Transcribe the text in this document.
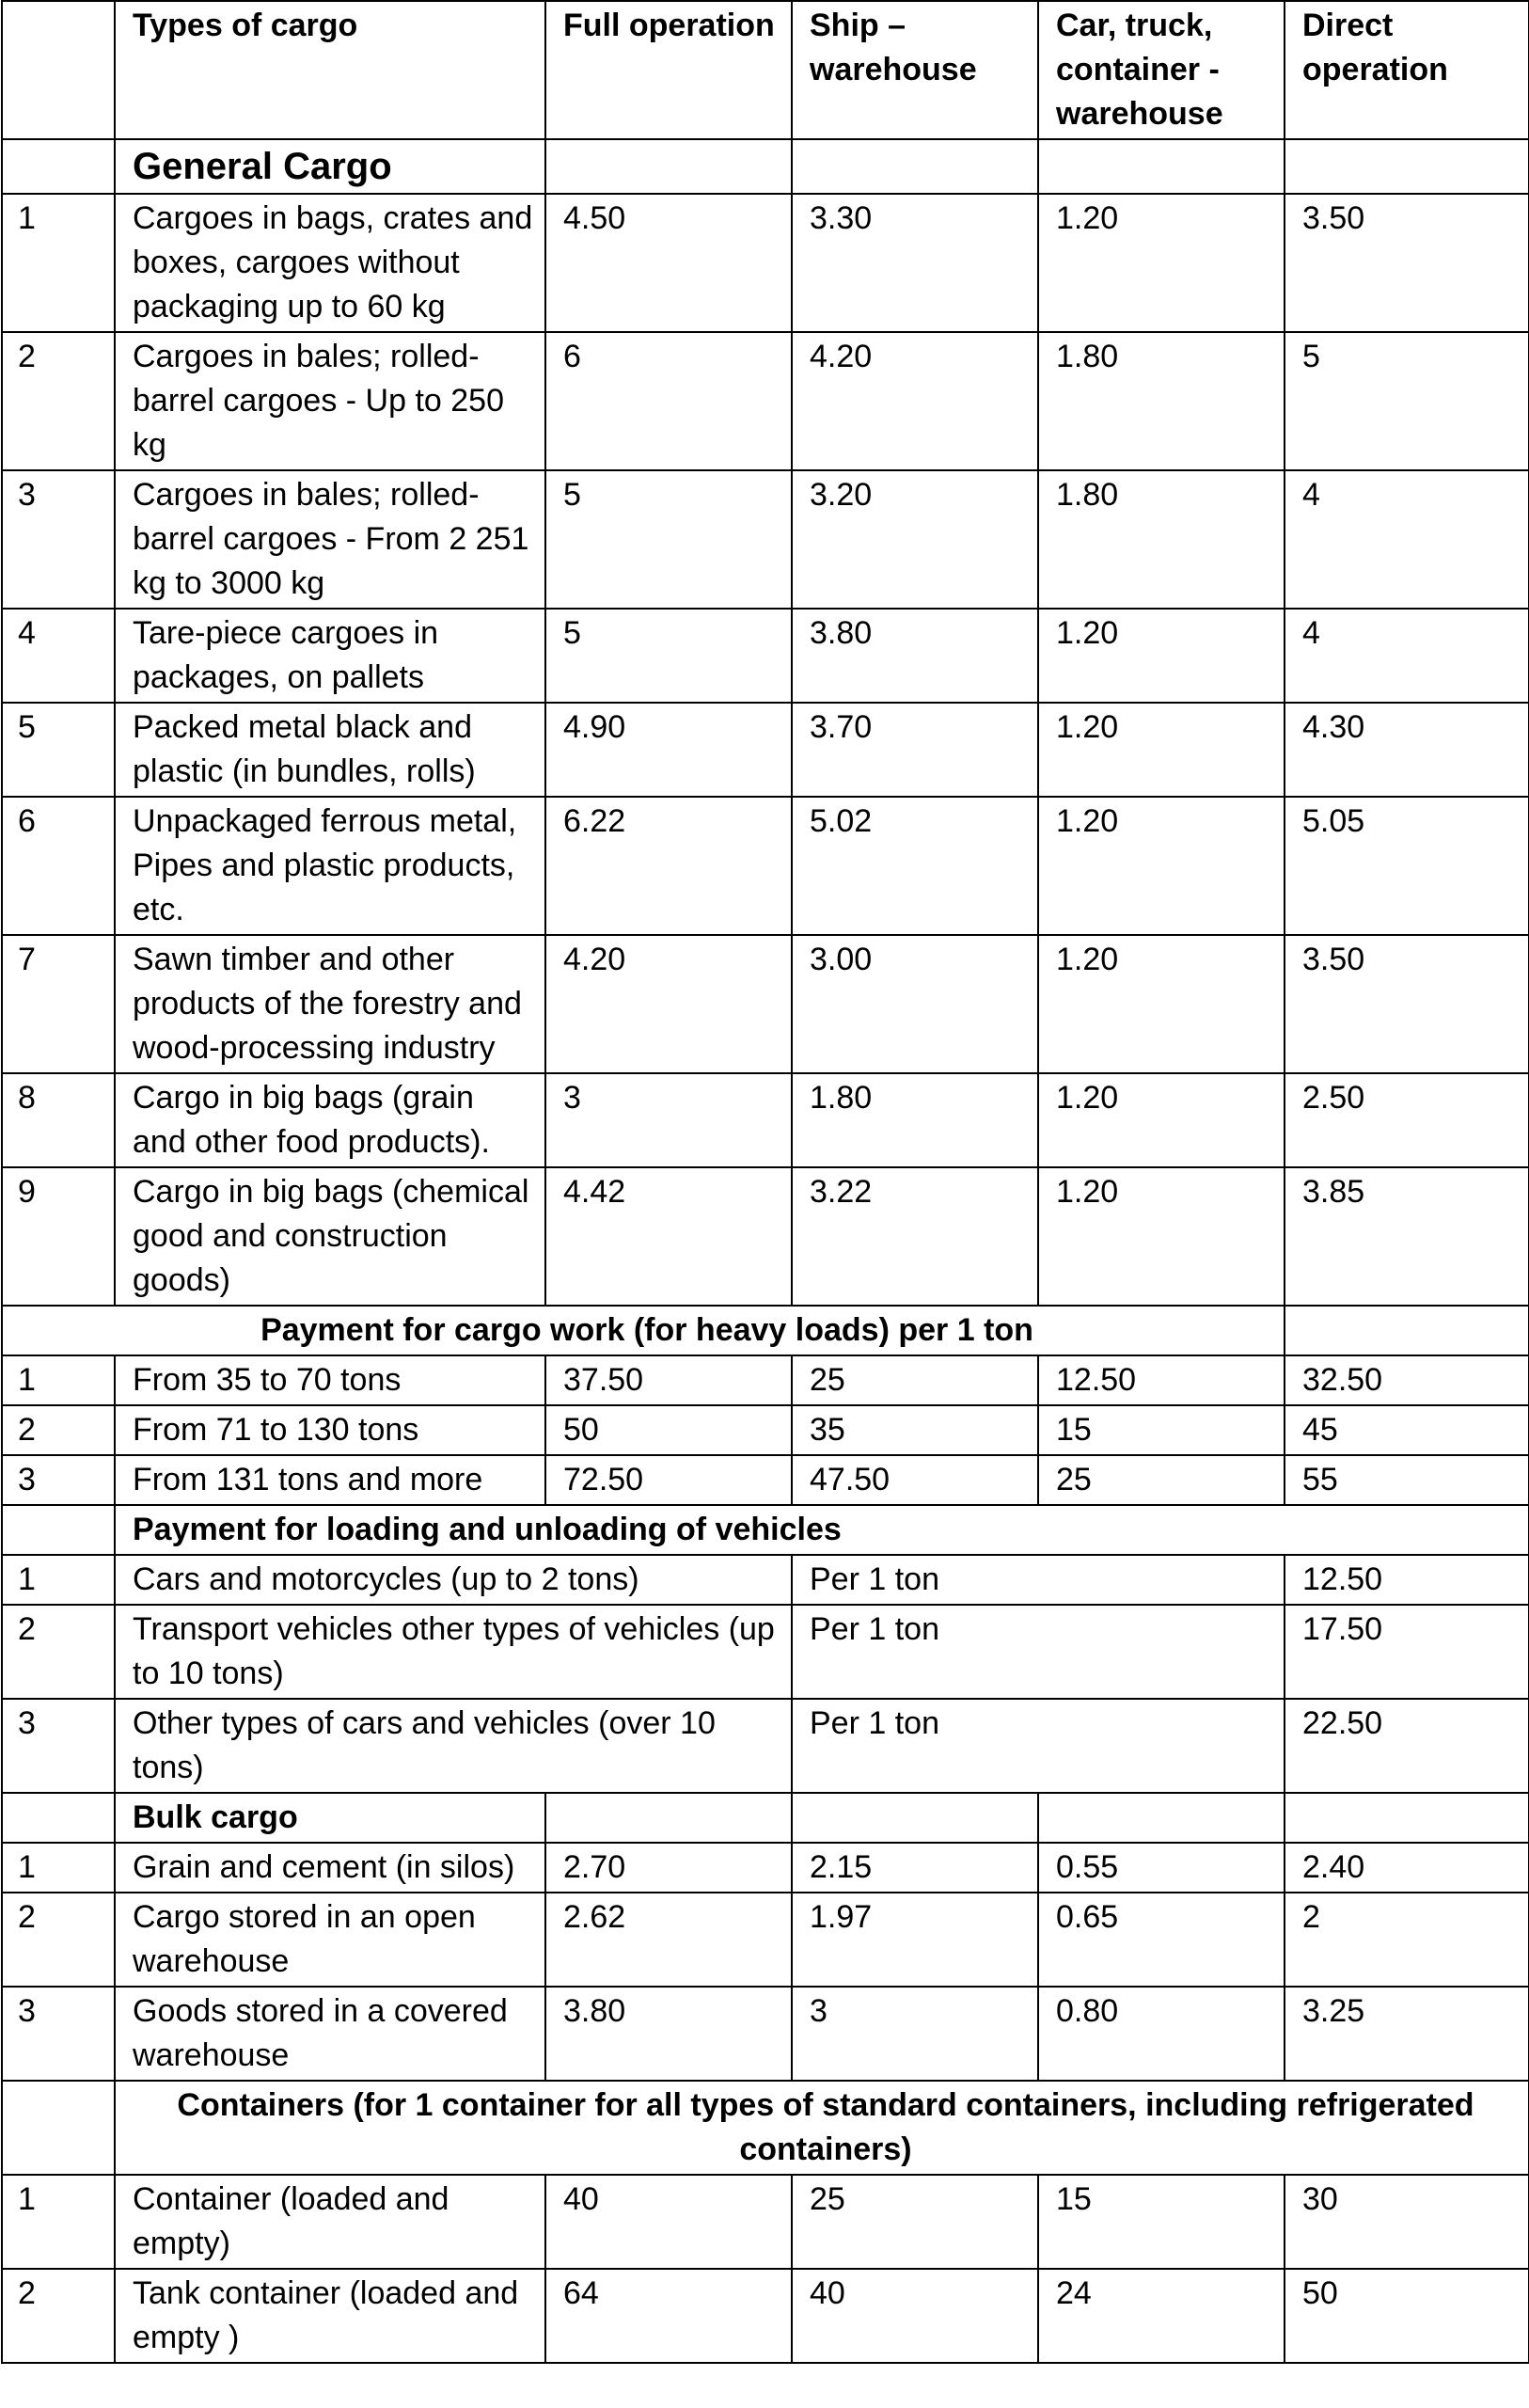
	Types of cargo	Full operation	Ship – warehouse	Car, truck, container - warehouse	Direct operation
	General Cargo				
1	Cargoes in bags, crates and boxes, cargoes without packaging up to 60 kg	4.50	3.30	1.20	3.50
2	Cargoes in bales; rolled-barrel cargoes - Up to 250 kg	6	4.20	1.80	5
3	Cargoes in bales; rolled-barrel cargoes - From 2 251 kg to 3000 kg	5	3.20	1.80	4
4	Tare-piece cargoes in packages, on pallets	5	3.80	1.20	4
5	Packed metal black and plastic (in bundles, rolls)	4.90	3.70	1.20	4.30
6	Unpackaged ferrous metal, Pipes and plastic products, etc.	6.22	5.02	1.20	5.05
7	Sawn timber and other products of the forestry and wood-processing industry	4.20	3.00	1.20	3.50
8	Cargo in big bags (grain and other food products).	3	1.80	1.20	2.50
9	Cargo in big bags (chemical good and construction goods)	4.42	3.22	1.20	3.85
Payment for cargo work (for heavy loads) per 1 ton					
1	From 35 to 70 tons	37.50	25	12.50	32.50
2	From 71 to 130 tons	50	35	15	45
3	From 131 tons and more	72.50	47.50	25	55
	Payment for loading and unloading of vehicles				
1	Cars and motorcycles (up to 2 tons)		Per 1 ton		12.50
2	Transport vehicles other types of vehicles (up to 10 tons)		Per 1 ton		17.50
3	Other types of cars and vehicles (over 10 tons)		Per 1 ton		22.50
	Bulk cargo				
1	Grain and cement (in silos)	2.70	2.15	0.55	2.40
2	Cargo stored in an open warehouse	2.62	1.97	0.65	2
3	Goods stored in a covered warehouse	3.80	3	0.80	3.25
	Containers (for 1 container for all types of standard containers, including refrigerated containers)				
1	Container (loaded and empty)	40	25	15	30
2	Tank container (loaded and empty )	64	40	24	50
